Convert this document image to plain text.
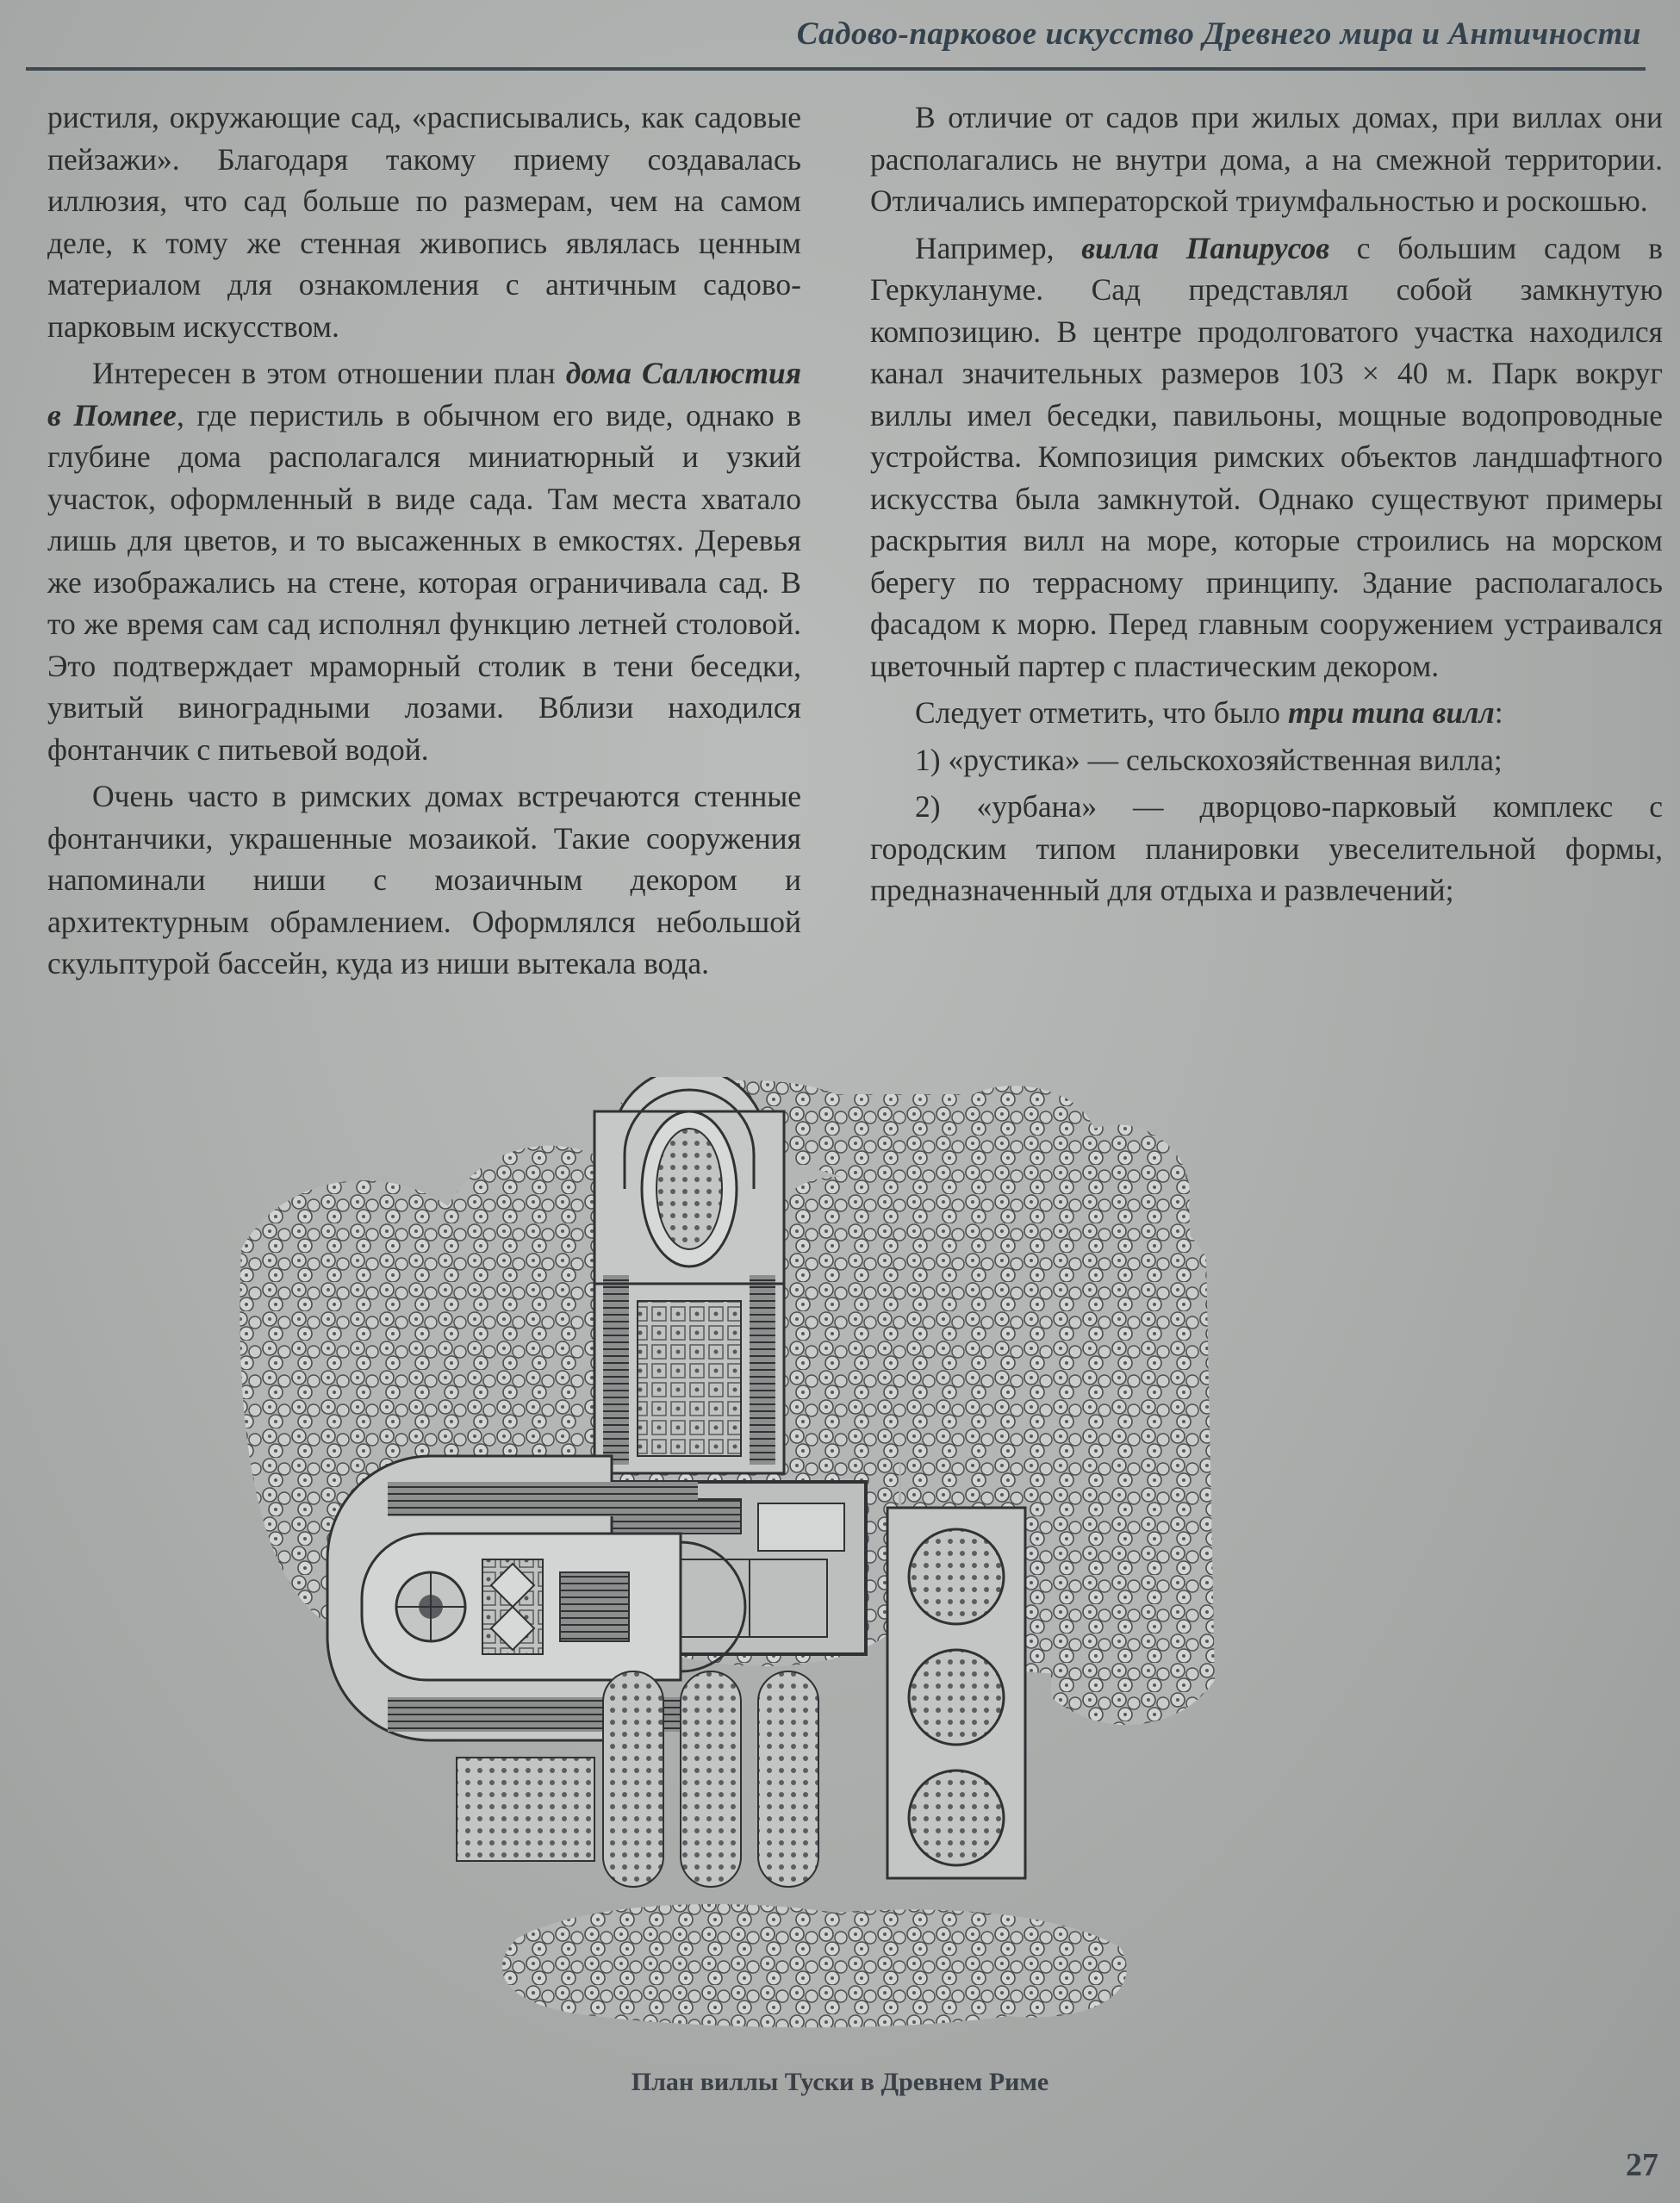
Садово-парковое искусство Древнего мира и Античности

ристиля, окружающие сад, «расписывались, как садовые пейзажи». Благодаря такому приему создавалась иллюзия, что сад больше по размерам, чем на самом деле, к тому же стенная живопись являлась ценным материалом для ознакомления с античным садово-парковым искусством.

Интересен в этом отношении план дома Саллюстия в Помпее, где перистиль в обычном его виде, однако в глубине дома располагался миниатюрный и узкий участок, оформленный в виде сада. Там места хватало лишь для цветов, и то высаженных в емкостях. Деревья же изображались на стене, которая ограничивала сад. В то же время сам сад исполнял функцию летней столовой. Это подтверждает мраморный столик в тени беседки, увитый виноградными лозами. Вблизи находился фонтанчик с питьевой водой.

Очень часто в римских домах встречаются стенные фонтанчики, украшенные мозаикой. Такие сооружения напоминали ниши с мозаичным декором и архитектурным обрамлением. Оформлялся небольшой скульптурой бассейн, куда из ниши вытекала вода.

В отличие от садов при жилых домах, при виллах они располагались не внутри дома, а на смежной территории. Отличались императорской триумфальностью и роскошью.

Например, вилла Папирусов с большим садом в Геркулануме. Сад представлял собой замкнутую композицию. В центре продолговатого участка находился канал значительных размеров 103 × 40 м. Парк вокруг виллы имел беседки, павильоны, мощные водопроводные устройства. Композиция римских объектов ландшафтного искусства была замкнутой. Однако существуют примеры раскрытия вилл на море, которые строились на морском берегу по террасному принципу. Здание располагалось фасадом к морю. Перед главным сооружением устраивался цветочный партер с пластическим декором.

Следует отметить, что было три типа вилл:

1) «рустика» — сельскохозяйственная вилла;

2) «урбана» — дворцово-парковый комплекс с городским типом планировки увеселительной формы, предназначенный для отдыха и развлечений;

План виллы Туски в Древнем Риме
27
